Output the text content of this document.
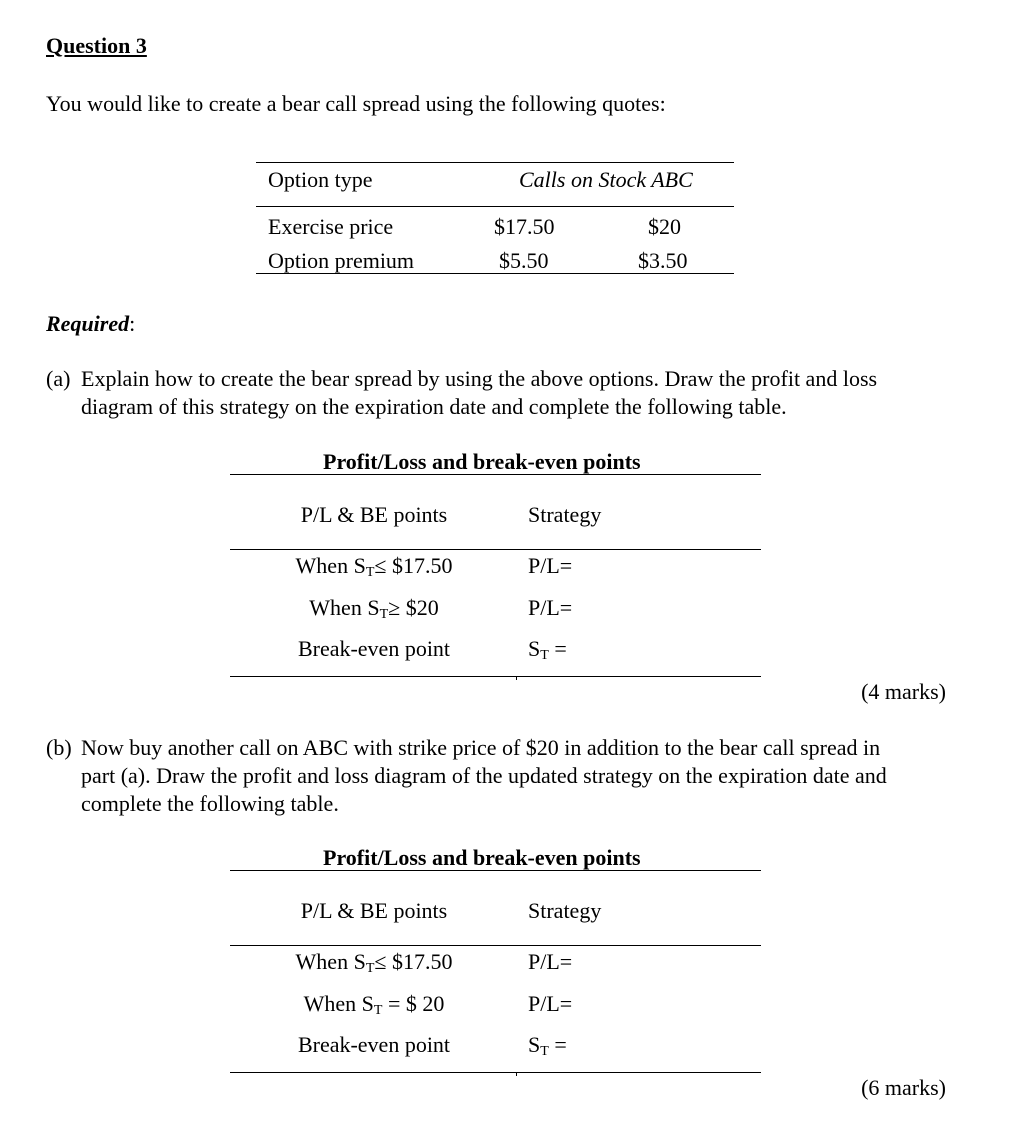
Question 3
You would like to create a bear call spread using the following quotes:
Option type	Calls on Stock ABC
Exercise price	$17.50	$20
Option premium	$5.50	$3.50
Required:
(a) Explain how to create the bear spread by using the above options. Draw the profit and loss
diagram of this strategy on the expiration date and complete the following table.
Profit/Loss and break-even points
P/L & BE points	Strategy
When $S_T\le$ $17.50	P/L=
When $S_T\ge$ $20	P/L=
Break-even point	$S_T$ =
(4 marks)
(b) Now buy another call on ABC with strike price of $20 in addition to the bear call spread in
part (a). Draw the profit and loss diagram of the updated strategy on the expiration date and
complete the following table.
Profit/Loss and break-even points
P/L & BE points	Strategy
When $S_T\le$ $17.50	P/L=
When $S_T$ = $ 20	P/L=
Break-even point	$S_T$ =
(6 marks)
